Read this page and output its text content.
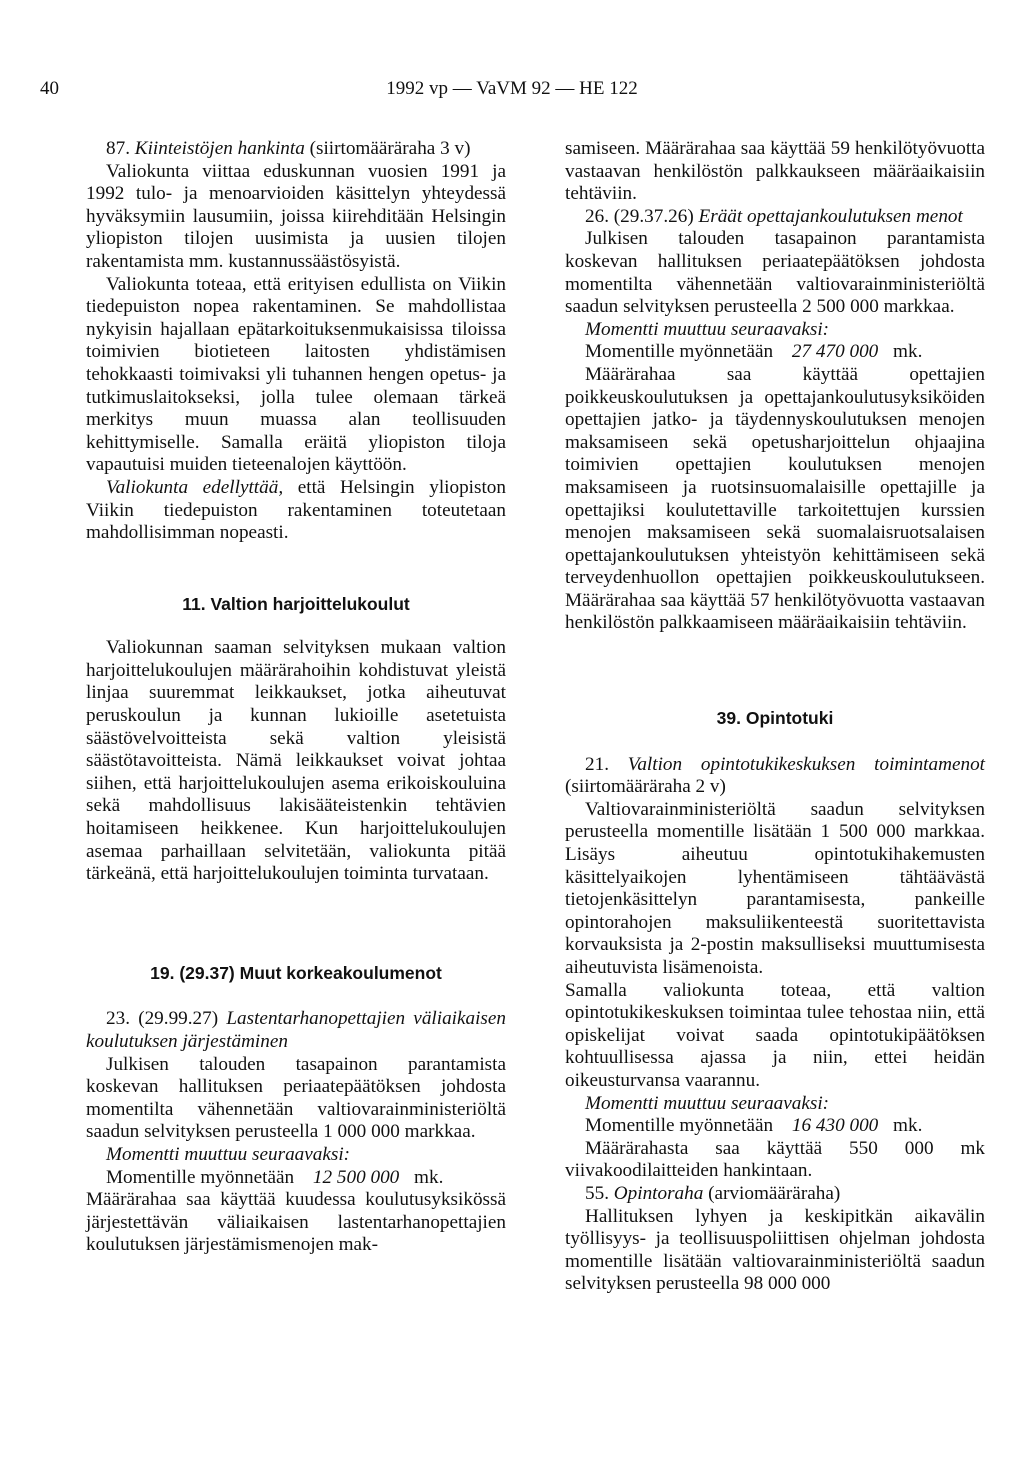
40	1992 vp — VaVM 92 — HE 122

87. Kiinteistöjen hankinta (siirtomääräraha 3 v)

Valiokunta viittaa eduskunnan vuosien 1991 ja 1992 tulo- ja menoarvioiden käsittelyn yhteydessä hyväksymiin lausumiin, joissa kiirehditään Helsingin yliopiston tilojen uusimista ja uusien tilojen rakentamista mm. kustannussäästösyistä.

Valiokunta toteaa, että erityisen edullista on Viikin tiedepuiston nopea rakentaminen. Se mahdollistaa nykyisin hajallaan epätarkoituksenmukaisissa tiloissa toimivien biotieteen laitosten yhdistämisen tehokkaasti toimivaksi yli tuhannen hengen opetus- ja tutkimuslaitokseksi, jolla tulee olemaan tärkeä merkitys muun muassa alan teollisuuden kehittymiselle. Samalla eräitä yliopiston tiloja vapautuisi muiden tieteenalojen käyttöön.

Valiokunta edellyttää, että Helsingin yliopiston Viikin tiedepuiston rakentaminen toteutetaan mahdollisimman nopeasti.

11. Valtion harjoittelukoulut

Valiokunnan saaman selvityksen mukaan valtion harjoittelukoulujen määrärahoihin kohdistuvat yleistä linjaa suuremmat leikkaukset, jotka aiheutuvat peruskoulun ja kunnan lukioille asetetuista säästövelvoitteista sekä valtion yleisistä säästötavoitteista. Nämä leikkaukset voivat johtaa siihen, että harjoittelukoulujen asema erikoiskouluina sekä mahdollisuus lakisääteistenkin tehtävien hoitamiseen heikkenee. Kun harjoittelukoulujen asemaa parhaillaan selvitetään, valiokunta pitää tärkeänä, että harjoittelukoulujen toiminta turvataan.

19. (29.37) Muut korkeakoulumenot

23. (29.99.27) Lastentarhanopettajien väliaikaisen koulutuksen järjestäminen

Julkisen talouden tasapainon parantamista koskevan hallituksen periaatepäätöksen johdosta momentilta vähennetään valtiovarainministeriöltä saadun selvityksen perusteella 1 000 000 markkaa.

Momentti muuttuu seuraavaksi:

Momentille myönnetään 12 500 000 mk.

Määrärahaa saa käyttää kuudessa koulutusyksikössä järjestettävän väliaikaisen lastentarhanopettajien koulutuksen järjestämismenojen mak-

samiseen. Määrärahaa saa käyttää 59 henkilötyövuotta vastaavan henkilöstön palkkaukseen määräaikaisiin tehtäviin.

26. (29.37.26) Eräät opettajankoulutuksen menot

Julkisen talouden tasapainon parantamista koskevan hallituksen periaatepäätöksen johdosta momentilta vähennetään valtiovarainministeriöltä saadun selvityksen perusteella 2 500 000 markkaa.

Momentti muuttuu seuraavaksi:

Momentille myönnetään 27 470 000 mk.

Määrärahaa saa käyttää opettajien poikkeuskoulutuksen ja opettajankoulutusyksiköiden opettajien jatko- ja täydennyskoulutuksen menojen maksamiseen sekä opetusharjoittelun ohjaajina toimivien opettajien koulutuksen menojen maksamiseen ja ruotsinsuomalaisille opettajille ja opettajiksi koulutettaville tarkoitettujen kurssien menojen maksamiseen sekä suomalaisruotsalaisen opettajankoulutuksen yhteistyön kehittämiseen sekä terveydenhuollon opettajien poikkeuskoulutukseen. Määrärahaa saa käyttää 57 henkilötyövuotta vastaavan henkilöstön palkkaamiseen määräaikaisiin tehtäviin.

39. Opintotuki

21. Valtion opintotukikeskuksen toimintamenot (siirtomääräraha 2 v)

Valtiovarainministeriöltä saadun selvityksen perusteella momentille lisätään 1 500 000 markkaa. Lisäys aiheutuu opintotukihakemusten käsittelyaikojen lyhentämiseen tähtäävästä tietojenkäsittelyn parantamisesta, pankeille opintorahojen maksuliikenteestä suoritettavista korvauksista ja 2-postin maksulliseksi muuttumisesta aiheutuvista lisämenoista.

Samalla valiokunta toteaa, että valtion opintotukikeskuksen toimintaa tulee tehostaa niin, että opiskelijat voivat saada opintotukipäätöksen kohtuullisessa ajassa ja niin, ettei heidän oikeusturvansa vaarannu.

Momentti muuttuu seuraavaksi:

Momentille myönnetään 16 430 000 mk.

Määrärahasta saa käyttää 550 000 mk viivakoodilaitteiden hankintaan.

55. Opintoraha (arviomääräraha)

Hallituksen lyhyen ja keskipitkän aikavälin työllisyys- ja teollisuuspoliittisen ohjelman johdosta momentille lisätään valtiovarainministeriöltä saadun selvityksen perusteella 98 000 000
